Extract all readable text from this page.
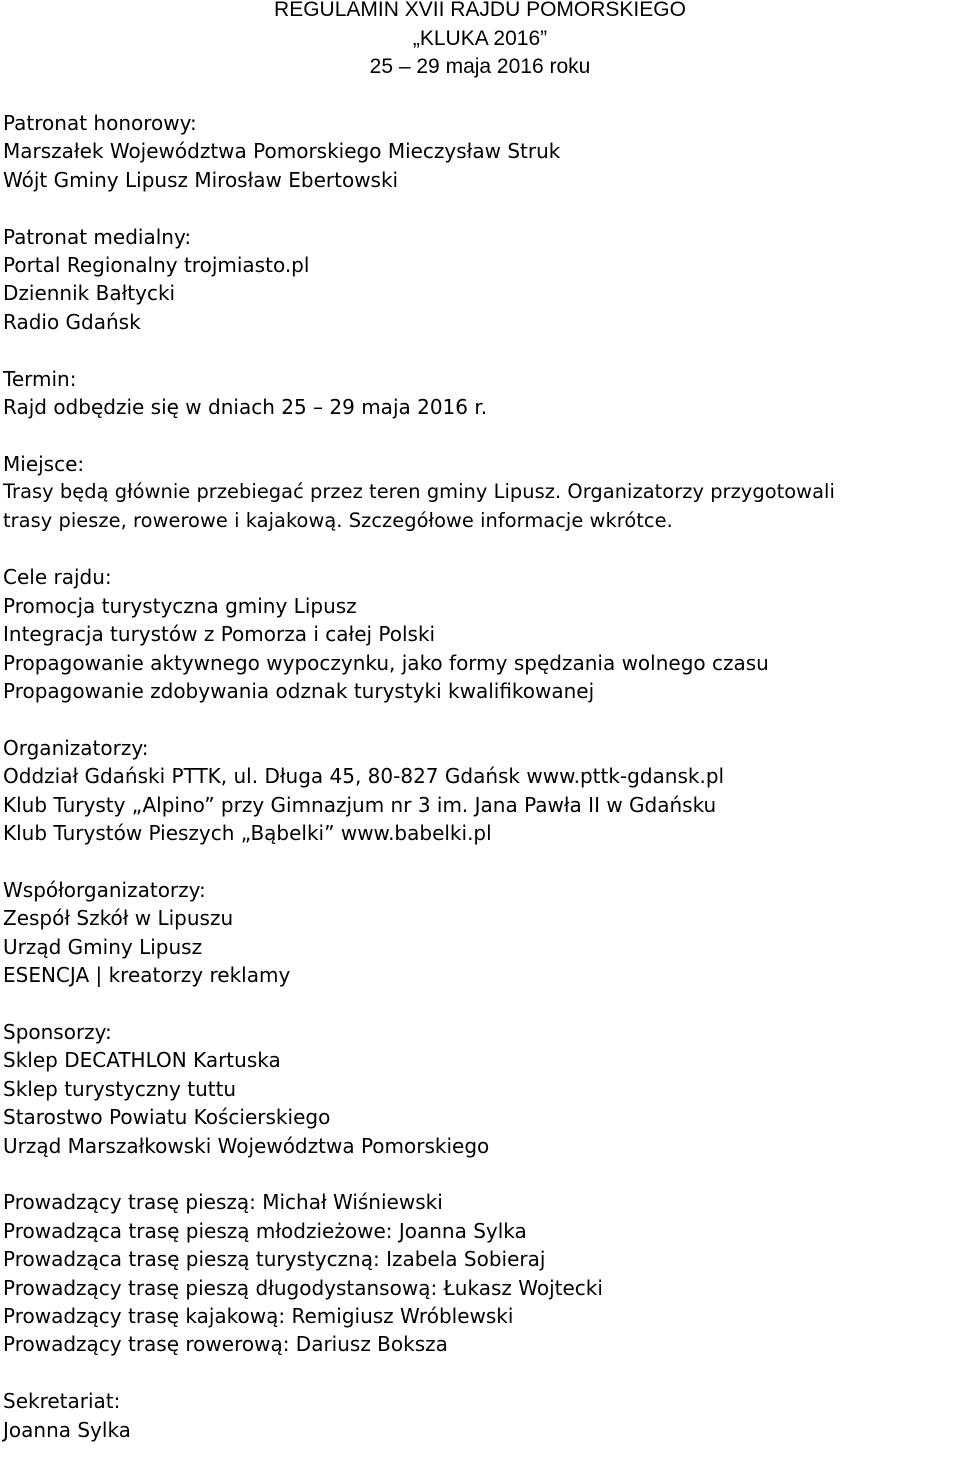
REGULAMIN XVII RAJDU POMORSKIEGO
„KLUKA 2016”
25 – 29 maja 2016 roku
Patronat honorowy:
Marszałek Województwa Pomorskiego Mieczysław Struk
Wójt Gminy Lipusz Mirosław Ebertowski
Patronat medialny:
Portal Regionalny trojmiasto.pl
Dziennik Bałtycki
Radio Gdańsk
Termin:
Rajd odbędzie się w dniach 25 – 29 maja 2016 r.
Miejsce:
Trasy będą głównie przebiegać przez teren gminy Lipusz. Organizatorzy przygotowali
trasy piesze, rowerowe i kajakową. Szczegółowe informacje wkrótce.
Cele rajdu:
Promocja turystyczna gminy Lipusz
Integracja turystów z Pomorza i całej Polski
Propagowanie aktywnego wypoczynku, jako formy spędzania wolnego czasu
Propagowanie zdobywania odznak turystyki kwalifikowanej
Organizatorzy:
Oddział Gdański PTTK, ul. Długa 45, 80-827 Gdańsk www.pttk-gdansk.pl
Klub Turysty „Alpino” przy Gimnazjum nr 3 im. Jana Pawła II w Gdańsku
Klub Turystów Pieszych „Bąbelki” www.babelki.pl
Współorganizatorzy:
Zespół Szkół w Lipuszu
Urząd Gminy Lipusz
ESENCJA | kreatorzy reklamy
Sponsorzy:
Sklep DECATHLON Kartuska
Sklep turystyczny tuttu
Starostwo Powiatu Kościerskiego
Urząd Marszałkowski Województwa Pomorskiego
Prowadzący trasę pieszą: Michał Wiśniewski
Prowadząca trasę pieszą młodzieżowe: Joanna Sylka
Prowadząca trasę pieszą turystyczną: Izabela Sobieraj
Prowadzący trasę pieszą długodystansową: Łukasz Wojtecki
Prowadzący trasę kajakową: Remigiusz Wróblewski
Prowadzący trasę rowerową: Dariusz Boksza
Sekretariat:
Joanna Sylka
